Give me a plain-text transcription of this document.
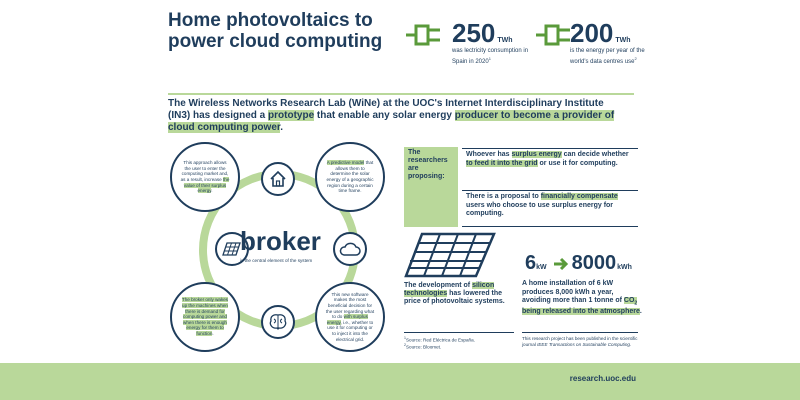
Home photovoltaics to power cloud computing	250 TWh
was lectricity consumption in Spain in 2020$^1$
200 TWh
is the energy per year of the world's data centres use$^2$
The Wireless Networks Research Lab (WiNe) at the UOC's Internet Interdisciplinary Institute (IN3) has designed a prototype that enable any solar energy producer to become a provider of cloud computing power.
This approach allows the user to enter the computing market and, as a result, increase the value of their surplus energy.
A predictive model that allows them to determine the solar energy of a geographic region during a certain time frame.
The broker only wakes up the machines when there is demand for computing power and when there is enough energy for them to function.
This new software makes the most beneficial decision for the user regarding what to do with surplus energy, i.e., whether to use it for computing or to inject it into the electrical grid.
broker
is the central element of the system
The researchers are proposing:
Whoever has surplus energy can decide whether to feed it into the grid or use it for computing.
There is a proposal to financially compensate users who choose to use surplus energy for computing.
The development of silicon technologies has lowered the price of photovoltaic systems.
$^1$Source: Red Eléctrica de España.
$^2$Source: Bloomet.
6 kW 8000 kWh
A home installation of 6 kW produces 8,000 kWh a year, avoiding more than 1 tonne of $CO_2$ being released into the atmosphere.
This research project has been published in the scientific journal IEEE Transactions on Sustainable Computing.
research.uoc.edu
